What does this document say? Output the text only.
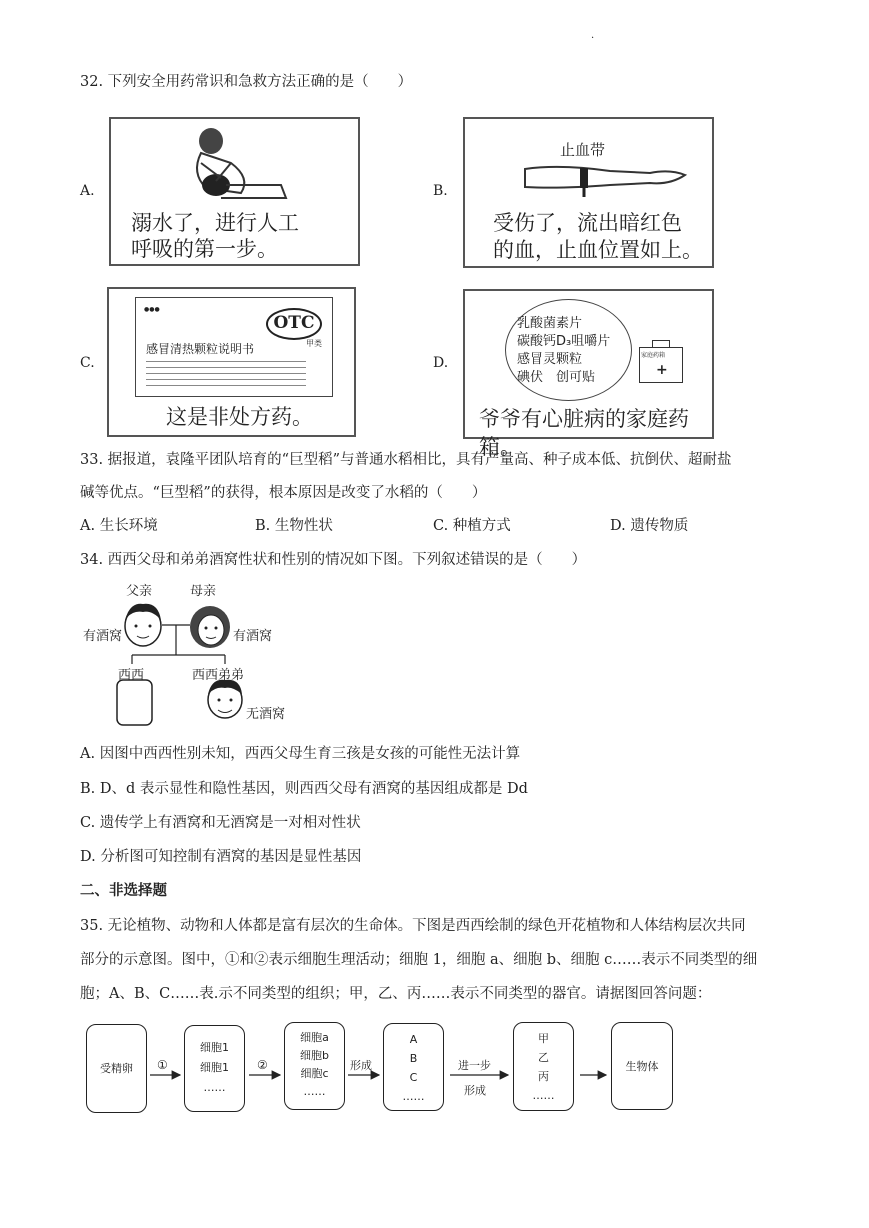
.
32. 下列安全用药常识和急救方法正确的是（　　）
A.
溺水了，进行人工
呼吸的第一步。
B.
止血带
受伤了，流出暗红色
的血，止血位置如上。
C.
●●●
OTC
甲类
感冒清热颗粒说明书
这是非处方药。
D.
乳酸菌素片
碳酸钙D₃咀嚼片
感冒灵颗粒
碘伏　创可贴
家庭药箱
+
爷爷有心脏病的家庭药箱。
33. 据报道，袁隆平团队培育的“巨型稻”与普通水稻相比，具有产量高、种子成本低、抗倒伏、超耐盐
碱等优点。“巨型稻”的获得，根本原因是改变了水稻的（　　）
A. 生长环境	B. 生物性状	C. 种植方式	D. 遗传物质
34. 西西父母和弟弟酒窝性状和性别的情况如下图。下列叙述错误的是（　　）
父亲	母亲
有酒窝	有酒窝
西西	西西弟弟
无酒窝
A. 因图中西西性别未知，西西父母生育三孩是女孩的可能性无法计算
B. D、d 表示显性和隐性基因，则西西父母有酒窝的基因组成都是 Dd
C. 遗传学上有酒窝和无酒窝是一对相对性状
D. 分析图可知控制有酒窝的基因是显性基因
二、非选择题
35. 无论植物、动物和人体都是富有层次的生命体。下图是西西绘制的绿色开花植物和人体结构层次共同
部分的示意图。图中，①和②表示细胞生理活动；细胞 1，细胞 a、细胞 b、细胞 c……表示不同类型的细
胞；A、B、C……表.示不同类型的组织；甲，乙、丙……表示不同类型的器官。请据图回答问题：
受精卵
细胞1
细胞1
……
细胞a
细胞b
细胞c
……
A
B
C
……
甲
乙
丙
……
生物体
①	②	形成	进一步
形成
